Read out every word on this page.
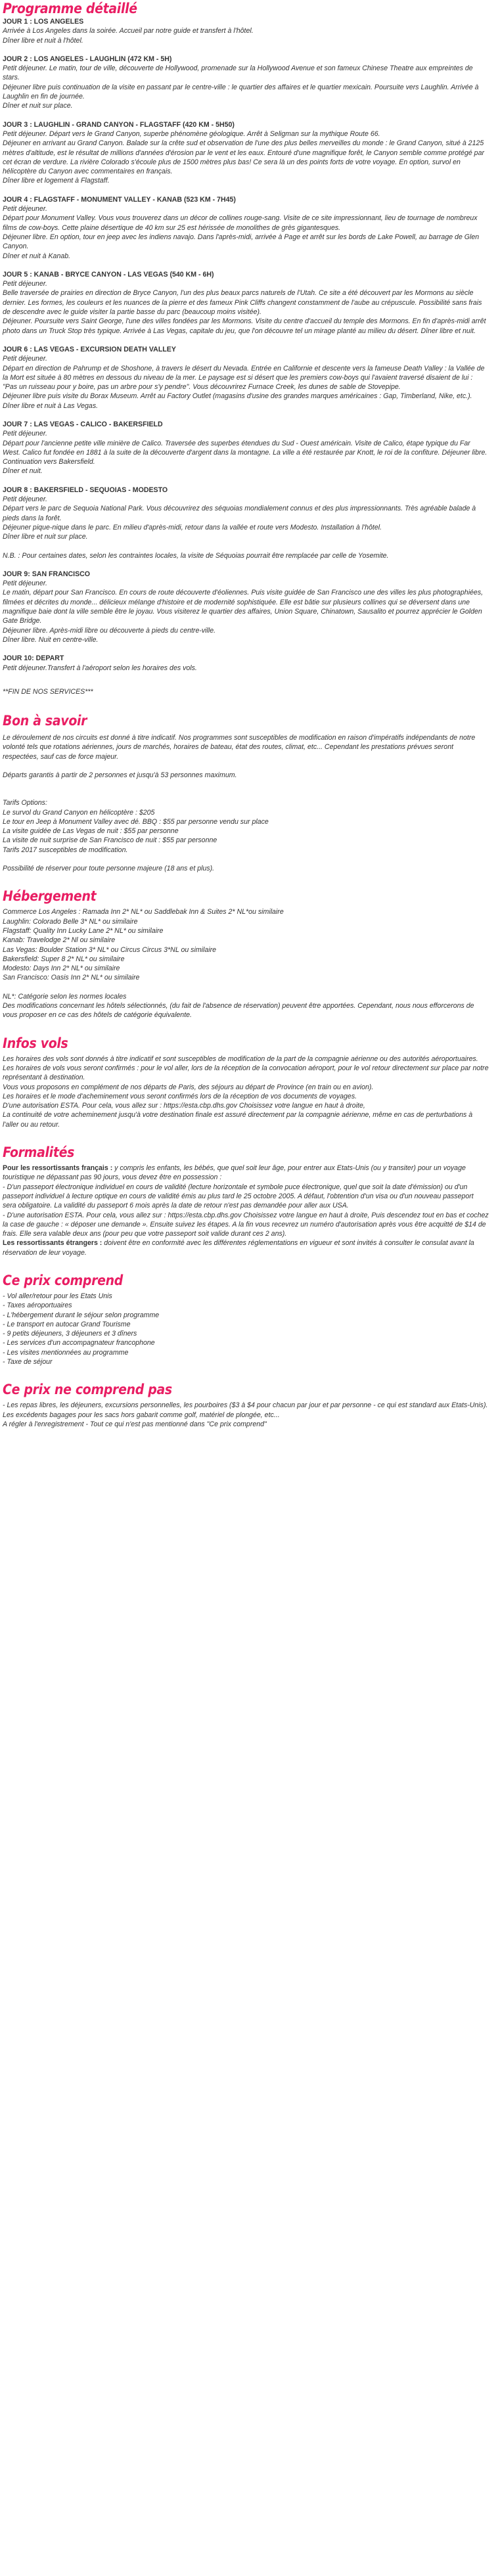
Programme détaillé

JOUR 1 : LOS ANGELES

Arrivée à Los Angeles dans la soirée. Accueil par notre guide et transfert à l'hôtel.

Dîner libre et nuit à l'hôtel.

JOUR 2 : LOS ANGELES - LAUGHLIN (472 KM - 5H)

Petit déjeuner. Le matin, tour de ville, découverte de Hollywood, promenade sur la Hollywood Avenue et son fameux Chinese Theatre aux empreintes de stars.

Déjeuner libre puis continuation de la visite en passant par le centre-ville : le quartier des affaires et le quartier mexicain. Poursuite vers Laughlin. Arrivée à Laughlin en fin de journée.

Dîner et nuit sur place.

JOUR 3 : LAUGHLIN - GRAND CANYON - FLAGSTAFF (420 KM - 5H50)

Petit déjeuner. Départ vers le Grand Canyon, superbe phénomène géologique. Arrêt à Seligman sur la mythique Route 66.

Déjeuner en arrivant au Grand Canyon. Balade sur la crête sud et observation de l'une des plus belles merveilles du monde : le Grand Canyon, situé à 2125 mètres d'altitude, est le résultat de millions d'années d'érosion par le vent et les eaux. Entouré d'une magnifique forêt, le Canyon semble comme protégé par cet écran de verdure. La rivière Colorado s'écoule plus de 1500 mètres plus bas! Ce sera là un des points forts de votre voyage. En option, survol en hélicoptère du Canyon avec commentaires en français.

Dîner libre et logement à Flagstaff.

JOUR 4 : FLAGSTAFF - MONUMENT VALLEY - KANAB (523 KM - 7H45)

Petit déjeuner.

Départ pour Monument Valley. Vous vous trouverez dans un décor de collines rouge-sang. Visite de ce site impressionnant, lieu de tournage de nombreux films de cow-boys. Cette plaine désertique de 40 km sur 25 est hérissée de monolithes de grès gigantesques.

Déjeuner libre. En option, tour en jeep avec les indiens navajo. Dans l'après-midi, arrivée à Page et arrêt sur les bords de Lake Powell, au barrage de Glen Canyon.

Dîner et nuit à Kanab.

JOUR 5 : KANAB - BRYCE CANYON - LAS VEGAS (540 KM - 6H)

Petit déjeuner.

Belle traversée de prairies en direction de Bryce Canyon, l'un des plus beaux parcs naturels de l'Utah. Ce site a été découvert par les Mormons au siècle dernier. Les formes, les couleurs et les nuances de la pierre et des fameux Pink Cliffs changent constamment de l'aube au crépuscule. Possibilité sans frais de descendre avec le guide visiter la partie basse du parc (beaucoup moins visitée).

Déjeuner. Poursuite vers Saint George, l'une des villes fondées par les Mormons. Visite du centre d'accueil du temple des Mormons. En fin d'après-midi arrêt photo dans un Truck Stop très typique. Arrivée à Las Vegas, capitale du jeu, que l'on découvre tel un mirage planté au milieu du désert. Dîner libre et nuit.

JOUR 6 : LAS VEGAS - EXCURSION DEATH VALLEY

Petit déjeuner.

Départ en direction de Pahrump et de Shoshone, à travers le désert du Nevada. Entrée en Californie et descente vers la fameuse Death Valley : la Vallée de la Mort est située à 80 mètres en dessous du niveau de la mer. Le paysage est si désert que les premiers cow-boys qui l'avaient traversé disaient de lui : "Pas un ruisseau pour y boire, pas un arbre pour s'y pendre". Vous découvrirez Furnace Creek, les dunes de sable de Stovepipe.

Déjeuner libre puis visite du Borax Museum. Arrêt au Factory Outlet (magasins d'usine des grandes marques américaines : Gap, Timberland, Nike, etc.).

Dîner libre et nuit à Las Vegas.

JOUR 7 : LAS VEGAS - CALICO - BAKERSFIELD

Petit déjeuner.

Départ pour l'ancienne petite ville minière de Calico. Traversée des superbes étendues du Sud - Ouest américain. Visite de Calico, étape typique du Far West. Calico fut fondée en 1881 à la suite de la découverte d'argent dans la montagne. La ville a été restaurée par Knott, le roi de la confiture. Déjeuner libre.

Continuation vers Bakersfield.

Dîner et nuit.

JOUR 8 : BAKERSFIELD - SEQUOIAS - MODESTO

Petit déjeuner.

Départ vers le parc de Sequoia National Park. Vous découvrirez des séquoias mondialement connus et des plus impressionnants. Très agréable balade à pieds dans la forêt.

Déjeuner pique-nique dans le parc. En milieu d'après-midi, retour dans la vallée et route vers Modesto. Installation à l'hôtel.

Dîner libre et nuit sur place.

N.B. : Pour certaines dates, selon les contraintes locales, la visite de Séquoias pourrait être remplacée par celle de Yosemite.

JOUR 9: SAN FRANCISCO

Petit déjeuner.

Le matin, départ pour San Francisco. En cours de route découverte d'éoliennes. Puis visite guidée de San Francisco une des villes les plus photographiées, filmées et décrites du monde... délicieux mélange d'histoire et de modernité sophistiquée. Elle est bâtie sur plusieurs collines qui se déversent dans une magnifique baie dont la ville semble être le joyau. Vous visiterez le quartier des affaires, Union Square, Chinatown, Sausalito et pourrez apprécier le Golden Gate Bridge.

Déjeuner libre. Après-midi libre ou découverte à pieds du centre-ville.

Dîner libre. Nuit en centre-ville.

JOUR 10: DEPART

Petit déjeuner.Transfert à l'aéroport selon les horaires des vols.

**FIN DE NOS SERVICES***

Bon à savoir

Le déroulement de nos circuits est donné à titre indicatif. Nos programmes sont susceptibles de modification en raison d'impératifs indépendants de notre volonté tels que rotations aériennes, jours de marchés, horaires de bateau, état des routes, climat, etc... Cependant les prestations prévues seront respectées, sauf cas de force majeur.

Départs garantis à partir de 2 personnes et jusqu'à 53 personnes maximum.

Tarifs Options:

Le survol du Grand Canyon en hélicoptère : $205

Le tour en Jeep à Monument Valley avec dé. BBQ : $55 par personne vendu sur place

La visite guidée de Las Vegas de nuit : $55 par personne

La visite de nuit surprise de San Francisco de nuit : $55 par personne

Tarifs 2017 susceptibles de modification.

Possibilité de réserver pour toute personne majeure (18 ans et plus).

Hébergement

Commerce Los Angeles : Ramada Inn 2* NL* ou Saddlebak Inn & Suites 2* NL*ou similaire

Laughlin: Colorado Belle 3* NL* ou similaire

Flagstaff: Quality Inn Lucky Lane 2* NL* ou similaire

Kanab: Travelodge 2* Nl ou similaire

Las Vegas: Boulder Station 3* NL* ou Circus Circus 3*NL ou similaire

Bakersfield: Super 8 2* NL* ou similaire

Modesto: Days Inn 2* NL* ou similaire

San Francisco: Oasis Inn 2* NL* ou similaire

NL*: Catégorie selon les normes locales

Des modifications concernant les hôtels sélectionnés, (du fait de l'absence de réservation) peuvent être apportées. Cependant, nous nous efforcerons de vous proposer en ce cas des hôtels de catégorie équivalente.

Infos vols

Les horaires des vols sont donnés à titre indicatif et sont susceptibles de modification de la part de la compagnie aérienne ou des autorités aéroportuaires.

Les horaires de vols vous seront confirmés : pour le vol aller, lors de la réception de la convocation aéroport, pour le vol retour directement sur place par notre représentant à destination.

Vous vous proposons en complément de nos départs de Paris, des séjours au départ de Province (en train ou en avion).

Les horaires et le mode d'acheminement vous seront confirmés lors de la réception de vos documents de voyages.

D'une autorisation ESTA. Pour cela, vous allez sur : https://esta.cbp.dhs.gov Choisissez votre langue en haut à droite,

La continuité de votre acheminement jusqu'à votre destination finale est assuré directement par la compagnie aérienne, même en cas de perturbations à l'aller ou au retour.

Formalités

Pour les ressortissants français : y compris les enfants, les bébés, que quel soit leur âge, pour entrer aux Etats-Unis (ou y transiter) pour un voyage touristique ne dépassant pas 90 jours, vous devez être en possession :

- D'un passeport électronique individuel en cours de validité (lecture horizontale et symbole puce électronique, quel que soit la date d'émission) ou d'un passeport individuel à lecture optique en cours de validité émis au plus tard le 25 octobre 2005. A défaut, l'obtention d'un visa ou d'un nouveau passeport sera obligatoire. La validité du passeport 6 mois après la date de retour n'est pas demandée pour aller aux USA.

- D'une autorisation ESTA. Pour cela, vous allez sur : https://esta.cbp.dhs.gov Choisissez votre langue en haut à droite, Puis descendez tout en bas et cochez la case de gauche : « déposer une demande ». Ensuite suivez les étapes. A la fin vous recevrez un numéro d'autorisation après vous être acquitté de $14 de frais. Elle sera valable deux ans (pour peu que votre passeport soit valide durant ces 2 ans).

Les ressortissants étrangers : doivent être en conformité avec les différentes réglementations en vigueur et sont invités à consulter le consulat avant la réservation de leur voyage.

Ce prix comprend

- Vol aller/retour pour les Etats Unis

- Taxes aéroportuaires

- L'hébergement durant le séjour selon programme

- Le transport en autocar Grand Tourisme

- 9 petits déjeuners, 3 déjeuners et 3 dîners

- Les services d'un accompagnateur francophone

- Les visites mentionnées au programme

- Taxe de séjour

Ce prix ne comprend pas

- Les repas libres, les déjeuners, excursions personnelles, les pourboires ($3 à $4 pour chacun par jour et par personne - ce qui est standard aux Etats-Unis). Les excédents bagages pour les sacs hors gabarit comme golf, matériel de plongée, etc...

A régler à l'enregistrement - Tout ce qui n'est pas mentionné dans "Ce prix comprend"
